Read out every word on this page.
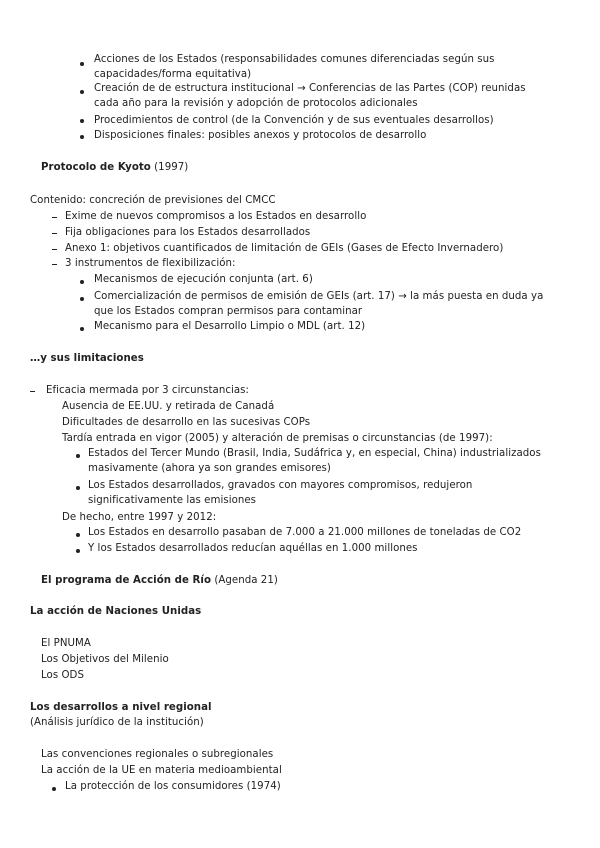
Acciones de los Estados (responsabilidades comunes diferenciadas según sus
capacidades/forma equitativa)
Creación de de estructura institucional → Conferencias de las Partes (COP) reunidas
cada año para la revisión y adopción de protocolos adicionales
Procedimientos de control (de la Convención y de sus eventuales desarrollos)
Disposiciones finales: posibles anexos y protocolos de desarrollo
Protocolo de Kyoto (1997)
Contenido: concreción de previsiones del CMCC
Exime de nuevos compromisos a los Estados en desarrollo
Fija obligaciones para los Estados desarrollados
Anexo 1: objetivos cuantificados de limitación de GEIs (Gases de Efecto Invernadero)
3 instrumentos de flexibilización:
Mecanismos de ejecución conjunta (art. 6)
Comercialización de permisos de emisión de GEIs (art. 17) → la más puesta en duda ya
que los Estados compran permisos para contaminar
Mecanismo para el Desarrollo Limpio o MDL (art. 12)
…y sus limitaciones
Eficacia mermada por 3 circunstancias:
Ausencia de EE.UU. y retirada de Canadá
Dificultades de desarrollo en las sucesivas COPs
Tardía entrada en vigor (2005) y alteración de premisas o circunstancias (de 1997):
Estados del Tercer Mundo (Brasil, India, Sudáfrica y, en especial, China) industrializados
masivamente (ahora ya son grandes emisores)
Los Estados desarrollados, gravados con mayores compromisos, redujeron
significativamente las emisiones
De hecho, entre 1997 y 2012:
Los Estados en desarrollo pasaban de 7.000 a 21.000 millones de toneladas de CO2
Y los Estados desarrollados reducían aquéllas en 1.000 millones
El programa de Acción de Río (Agenda 21)
La acción de Naciones Unidas
El PNUMA
Los Objetivos del Milenio
Los ODS
Los desarrollos a nivel regional
(Análisis jurídico de la institución)
Las convenciones regionales o subregionales
La acción de la UE en materia medioambiental
La protección de los consumidores (1974)
